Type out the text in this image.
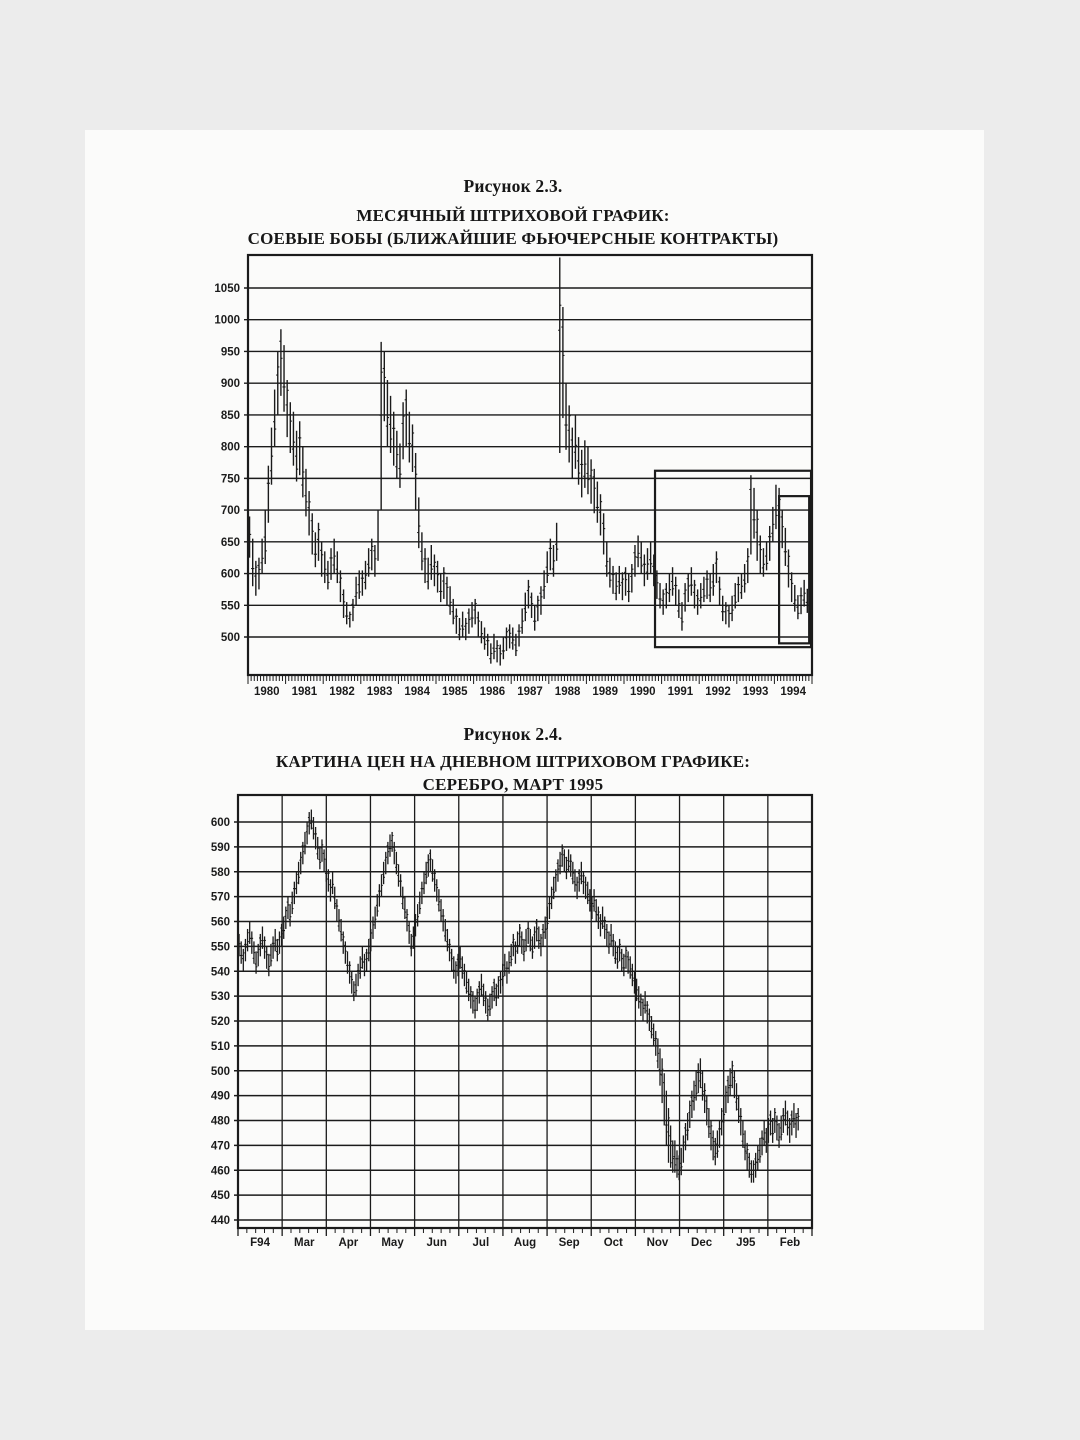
Рисунок 2.3.
МЕСЯЧНЫЙ ШТРИХОВОЙ ГРАФИК:
СОЕВЫЕ БОБЫ (БЛИЖАЙШИЕ ФЬЮЧЕРСНЫЕ КОНТРАКТЫ)
1050
1000
950
900
850
800
750
700
650
600
550
500
1980 1981 1982 1983 1984 1985 1986 1987 1988 1989 1990 1991 1992 1993 1994
Рисунок 2.4.
КАРТИНА ЦЕН НА ДНЕВНОМ ШТРИХОВОМ ГРАФИКЕ:
СЕРЕБРО, МАРТ 1995
600
590
580
570
560
550
540
530
520
510
500
490
480
470
460
450
440
F94 Mar Apr May Jun Jul Aug Sep Oct Nov Dec J95 Feb
